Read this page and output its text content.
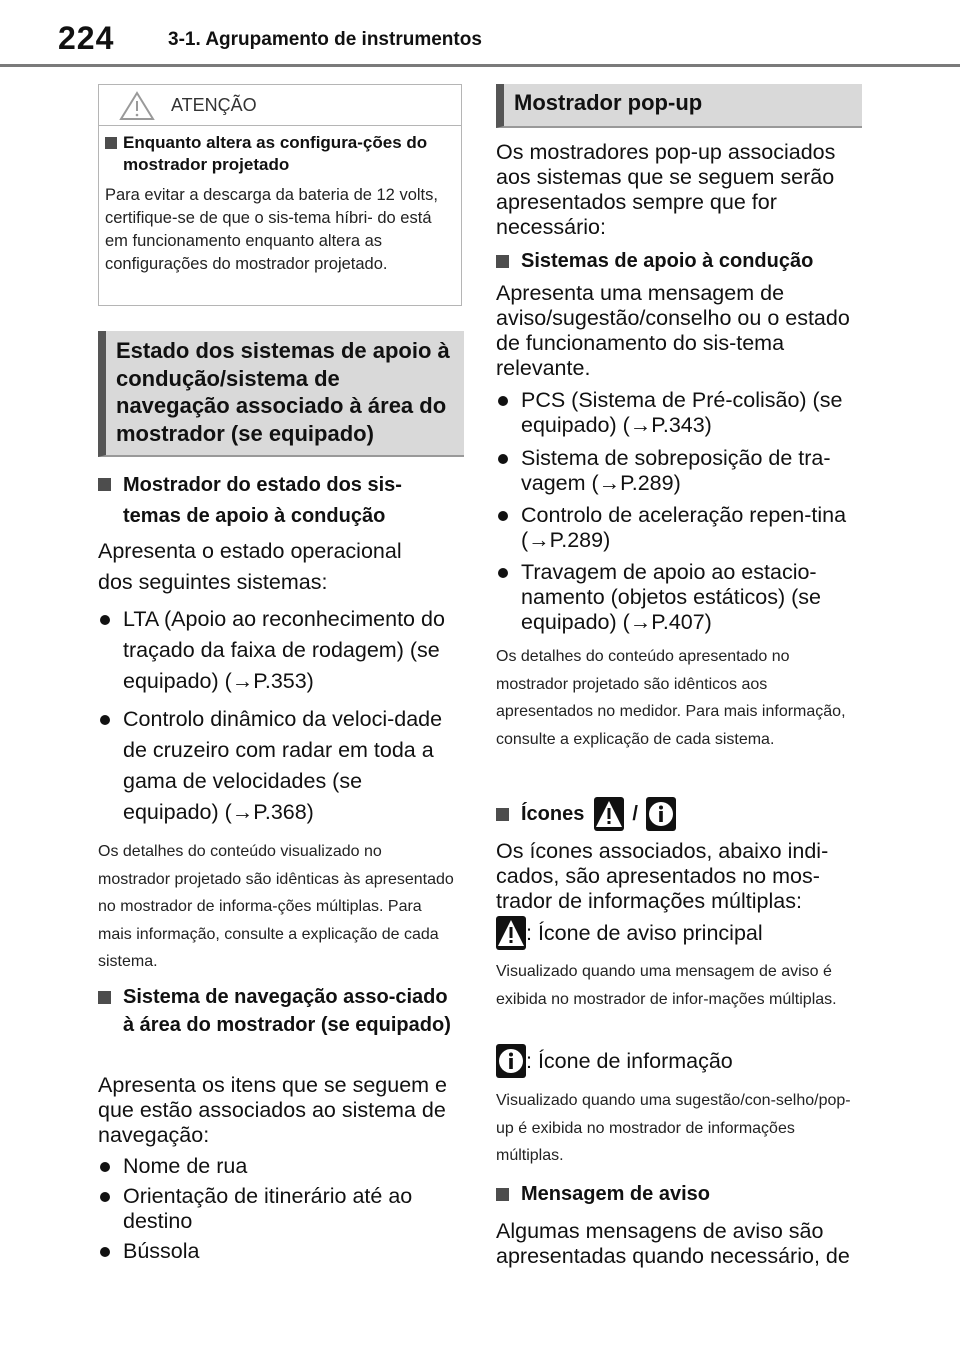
224	3-1. Agrupamento de instrumentos
ATENÇÃO
Enquanto altera as configura-ções do mostrador projetado
Para evitar a descarga da bateria de 12 volts, certifique-se de que o sis-tema híbri- do está em funcionamento enquanto altera as configurações do mostrador projetado.
Estado dos sistemas de apoio à condução/sistema de navegação associado à área do mostrador (se equipado)
Mostrador do estado dos sis-temas de apoio à condução
Apresenta o estado operacional dos seguintes sistemas:
LTA (Apoio ao reconhecimento do traçado da faixa de rodagem) (se equipado) (→P.353)
Controlo dinâmico da veloci-dade de cruzeiro com radar em toda a gama de velocidades (se equipado) (→P.368)
Os detalhes do conteúdo visualizado no mostrador projetado são idênticas às apresentado no mostrador de informa-ções múltiplas. Para mais informação, consulte a explicação de cada sistema.
Sistema de navegação asso-ciado à área do mostrador (se equipado)
Apresenta os itens que se seguem e que estão associados ao sistema de navegação:
Nome de rua
Orientação de itinerário até ao destino
Bússola
Mostrador pop-up
Os mostradores pop-up associados aos sistemas que se seguem serão apresentados sempre que for necessário:
Sistemas de apoio à condução
Apresenta uma mensagem de aviso/sugestão/conselho ou o estado de funcionamento do sis-tema relevante.
PCS (Sistema de Pré-colisão) (se equipado) (→P.343)
Sistema de sobreposição de tra-vagem (→P.289)
Controlo de aceleração repen-tina (→P.289)
Travagem de apoio ao estacio-namento (objetos estáticos) (se equipado) (→P.407)
Os detalhes do conteúdo apresentado no mostrador projetado são idênticos aos apresentados no medidor. Para mais informação, consulte a explicação de cada sistema.
Ícones /
Os ícones associados, abaixo indi-cados, são apresentados no mos-trador de informações múltiplas:
: Ícone de aviso principal
Visualizado quando uma mensagem de aviso é exibida no mostrador de infor-mações múltiplas.
: Ícone de informação
Visualizado quando uma sugestão/con-selho/pop-up é exibida no mostrador de informações múltiplas.
Mensagem de aviso
Algumas mensagens de aviso são apresentadas quando necessário, de
